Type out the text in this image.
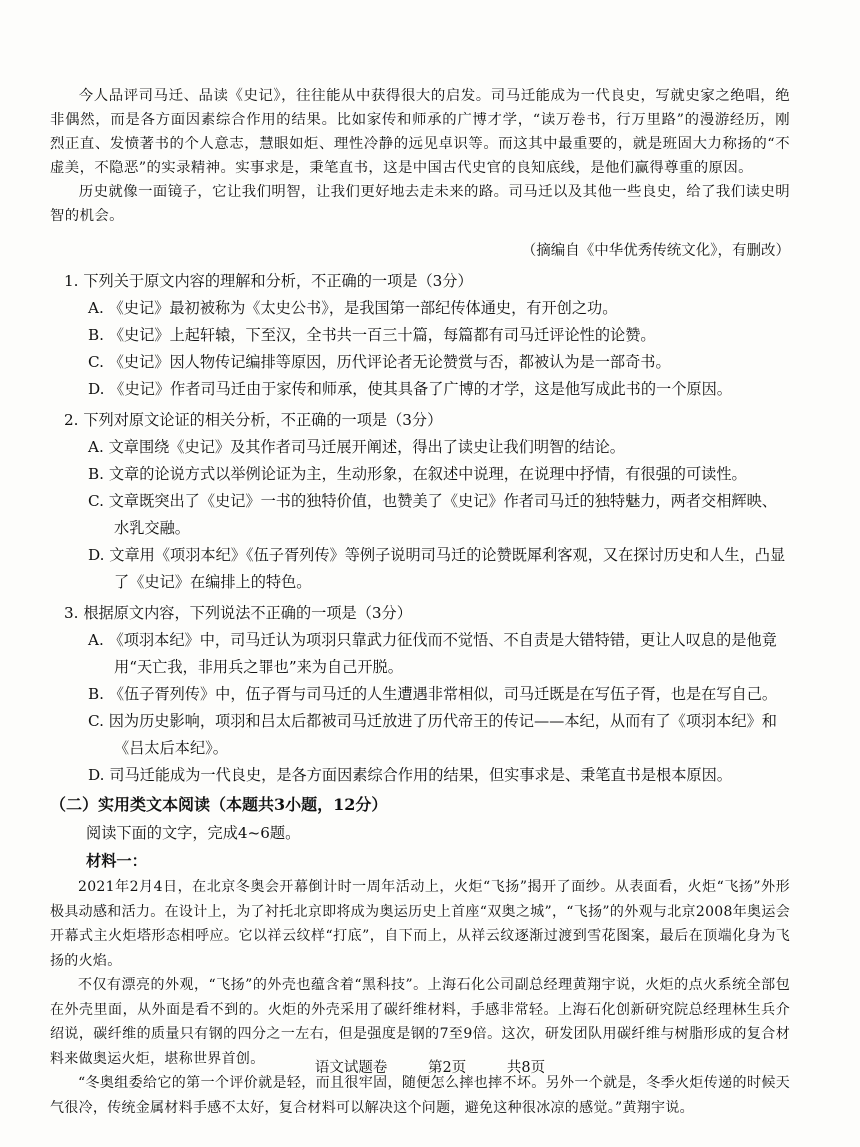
今人品评司马迁、品读《史记》，往往能从中获得很大的启发。司马迁能成为一代良史，写就史家之绝唱，绝非偶然，而是各方面因素综合作用的结果。比如家传和师承的广博才学，“读万卷书，行万里路”的漫游经历，刚烈正直、发愤著书的个人意志，慧眼如炬、理性冷静的远见卓识等。而这其中最重要的，就是班固大力称扬的“不虚美，不隐恶”的实录精神。实事求是，秉笔直书，这是中国古代史官的良知底线，是他们赢得尊重的原因。

历史就像一面镜子，它让我们明智，让我们更好地去走未来的路。司马迁以及其他一些良史，给了我们读史明智的机会。

（摘编自《中华优秀传统文化》，有删改）

1. 下列关于原文内容的理解和分析，不正确的一项是（3分）

A. 《史记》最初被称为《太史公书》，是我国第一部纪传体通史，有开创之功。

B. 《史记》上起轩辕，下至汉，全书共一百三十篇，每篇都有司马迁评论性的论赞。

C. 《史记》因人物传记编排等原因，历代评论者无论赞赏与否，都被认为是一部奇书。

D. 《史记》作者司马迁由于家传和师承，使其具备了广博的才学，这是他写成此书的一个原因。

2. 下列对原文论证的相关分析，不正确的一项是（3分）

A. 文章围绕《史记》及其作者司马迁展开阐述，得出了读史让我们明智的结论。

B. 文章的论说方式以举例论证为主，生动形象，在叙述中说理，在说理中抒情，有很强的可读性。

C. 文章既突出了《史记》一书的独特价值，也赞美了《史记》作者司马迁的独特魅力，两者交相辉映、水乳交融。

D. 文章用《项羽本纪》《伍子胥列传》等例子说明司马迁的论赞既犀利客观，又在探讨历史和人生，凸显了《史记》在编排上的特色。

3. 根据原文内容，下列说法不正确的一项是（3分）

A. 《项羽本纪》中，司马迁认为项羽只靠武力征伐而不觉悟、不自责是大错特错，更让人叹息的是他竟用“天亡我，非用兵之罪也”来为自己开脱。

B. 《伍子胥列传》中，伍子胥与司马迁的人生遭遇非常相似，司马迁既是在写伍子胥，也是在写自己。

C. 因为历史影响，项羽和吕太后都被司马迁放进了历代帝王的传记——本纪，从而有了《项羽本纪》和《吕太后本纪》。

D. 司马迁能成为一代良史，是各方面因素综合作用的结果，但实事求是、秉笔直书是根本原因。

（二）实用类文本阅读（本题共3小题，12分）

阅读下面的文字，完成4~6题。

材料一：

2021年2月4日，在北京冬奥会开幕倒计时一周年活动上，火炬“飞扬”揭开了面纱。从表面看，火炬“飞扬”外形极具动感和活力。在设计上，为了衬托北京即将成为奥运历史上首座“双奥之城”，“飞扬”的外观与北京2008年奥运会开幕式主火炬塔形态相呼应。它以祥云纹样“打底”，自下而上，从祥云纹逐渐过渡到雪花图案，最后在顶端化身为飞扬的火焰。

不仅有漂亮的外观，“飞扬”的外壳也蕴含着“黑科技”。上海石化公司副总经理黄翔宇说，火炬的点火系统全部包在外壳里面，从外面是看不到的。火炬的外壳采用了碳纤维材料，手感非常轻。上海石化创新研究院总经理林生兵介绍说，碳纤维的质量只有钢的四分之一左右，但是强度是钢的7至9倍。这次，研发团队用碳纤维与树脂形成的复合材料来做奥运火炬，堪称世界首创。

“冬奥组委给它的第一个评价就是轻，而且很牢固，随便怎么摔也摔不坏。另外一个就是，冬季火炬传递的时候天气很冷，传统金属材料手感不太好，复合材料可以解决这个问题，避免这种很冰凉的感觉。”黄翔宇说。

语文试题卷	第2页	共8页
